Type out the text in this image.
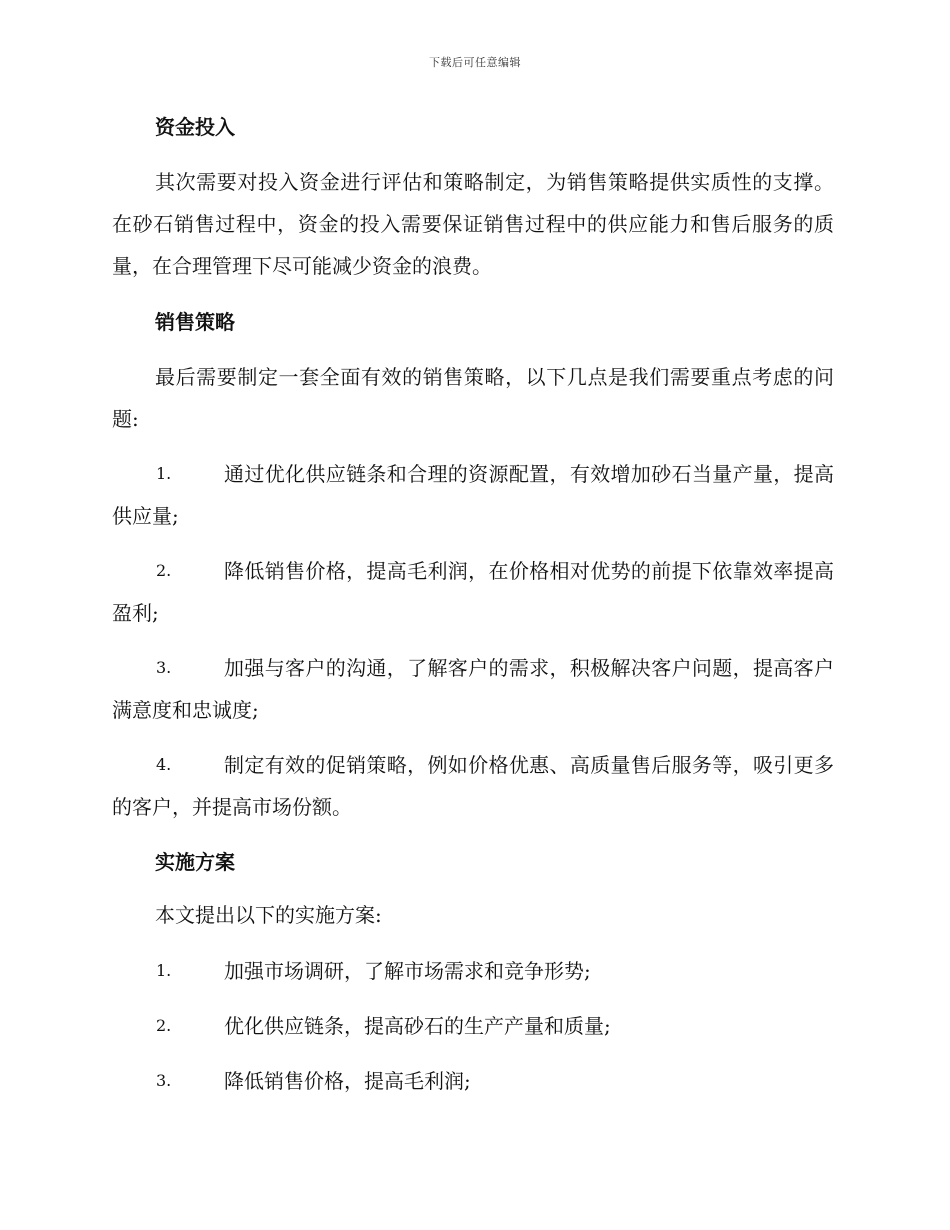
下载后可任意编辑
资金投入
其次需要对投入资金进行评估和策略制定，为销售策略提供实质性的支撑。在砂石销售过程中，资金的投入需要保证销售过程中的供应能力和售后服务的质量，在合理管理下尽可能减少资金的浪费。
销售策略
最后需要制定一套全面有效的销售策略，以下几点是我们需要重点考虑的问题:
1.	通过优化供应链条和合理的资源配置，有效增加砂石当量产量，提高供应量;
2.	降低销售价格，提高毛利润，在价格相对优势的前提下依靠效率提高盈利;
3.	加强与客户的沟通，了解客户的需求，积极解决客户问题，提高客户满意度和忠诚度;
4.	制定有效的促销策略，例如价格优惠、高质量售后服务等，吸引更多的客户，并提高市场份额。
实施方案
本文提出以下的实施方案:
1.	加强市场调研，了解市场需求和竞争形势;
2.	优化供应链条，提高砂石的生产产量和质量;
3.	降低销售价格，提高毛利润;
